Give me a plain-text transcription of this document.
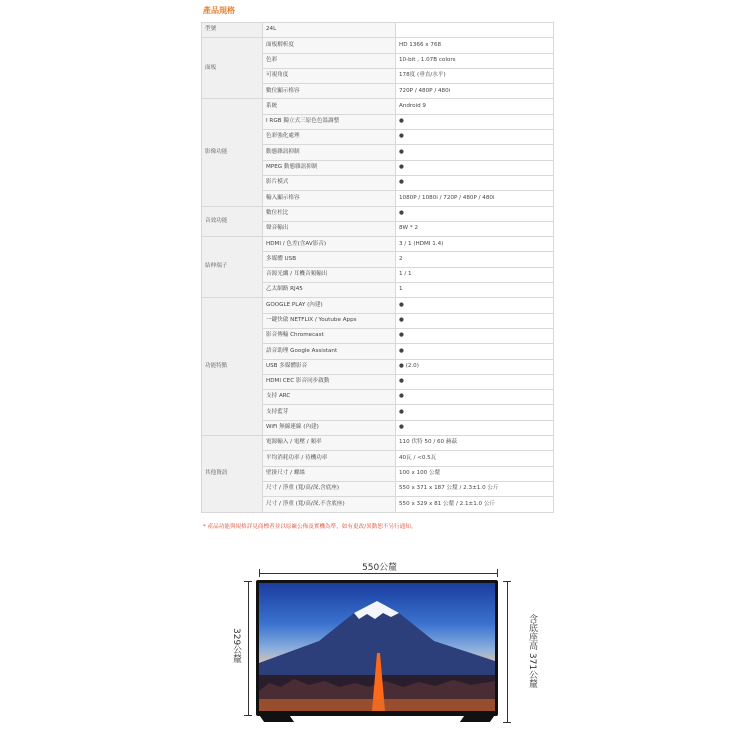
產品規格
型號	24L	
面板	面板解析度	HD 1366 x 768
	色彩	10-bit , 1.07B colors
	可視角度	178度 (垂直/水平)
	數位顯示格容	720P / 480P / 480i
影像功能	系統	Android 9
	I RGB 獨立式三原色色溫調整	●
	色彩強化處理	●
	動態雜訊抑制	●
	MPEG 動態雜訊抑制	●
	影片模式	●
	輸入顯示格容	1080P / 1080i / 720P / 480P / 480i
音效功能	數位杜比	●
	聲音輸出	8W * 2
結伸端子	HDMI / 色差(含AV影音)	3 / 1 (HDMI 1.4)
	多媒體 USB	2
	音源光纖 / 耳機音頻輸出	1 / 1
	乙太網路 RJ45	1
功能特點	GOOGLE PLAY (內建)	●
	一鍵快啟 NETFLIX / Youtube Apps	●
	影音傳輸 Chromecast	●
	語音助理 Google Assistant	●
	USB 多媒體影音	● (2.0)
	HDMI CEC 影音同步啟動	●
	支持 ARC	●
	支持藍芽	●
	WiFi 無線連線 (內建)	●
其他資訊	電源輸入 / 電壓 / 頻率	110 伏特 50 / 60 赫茲
	平均消耗功率 / 待機功率	40瓦 / <0.5瓦
	壁掛尺寸 / 螺絲	100 x 100 公釐
	尺寸 / 淨重 (寬/高/深,含底座)	550 x 371 x 187 公釐 / 2.3±1.0 公斤
	尺寸 / 淨重 (寬/高/深,不含底座)	550 x 329 x 81 公釐 / 2.1±1.0 公斤
* 產品功能與規格詳見商標者並以原廠公佈及實機為準，如有更改/異動恕不另行通知。
550公釐
329公釐	含底座高 371公釐
